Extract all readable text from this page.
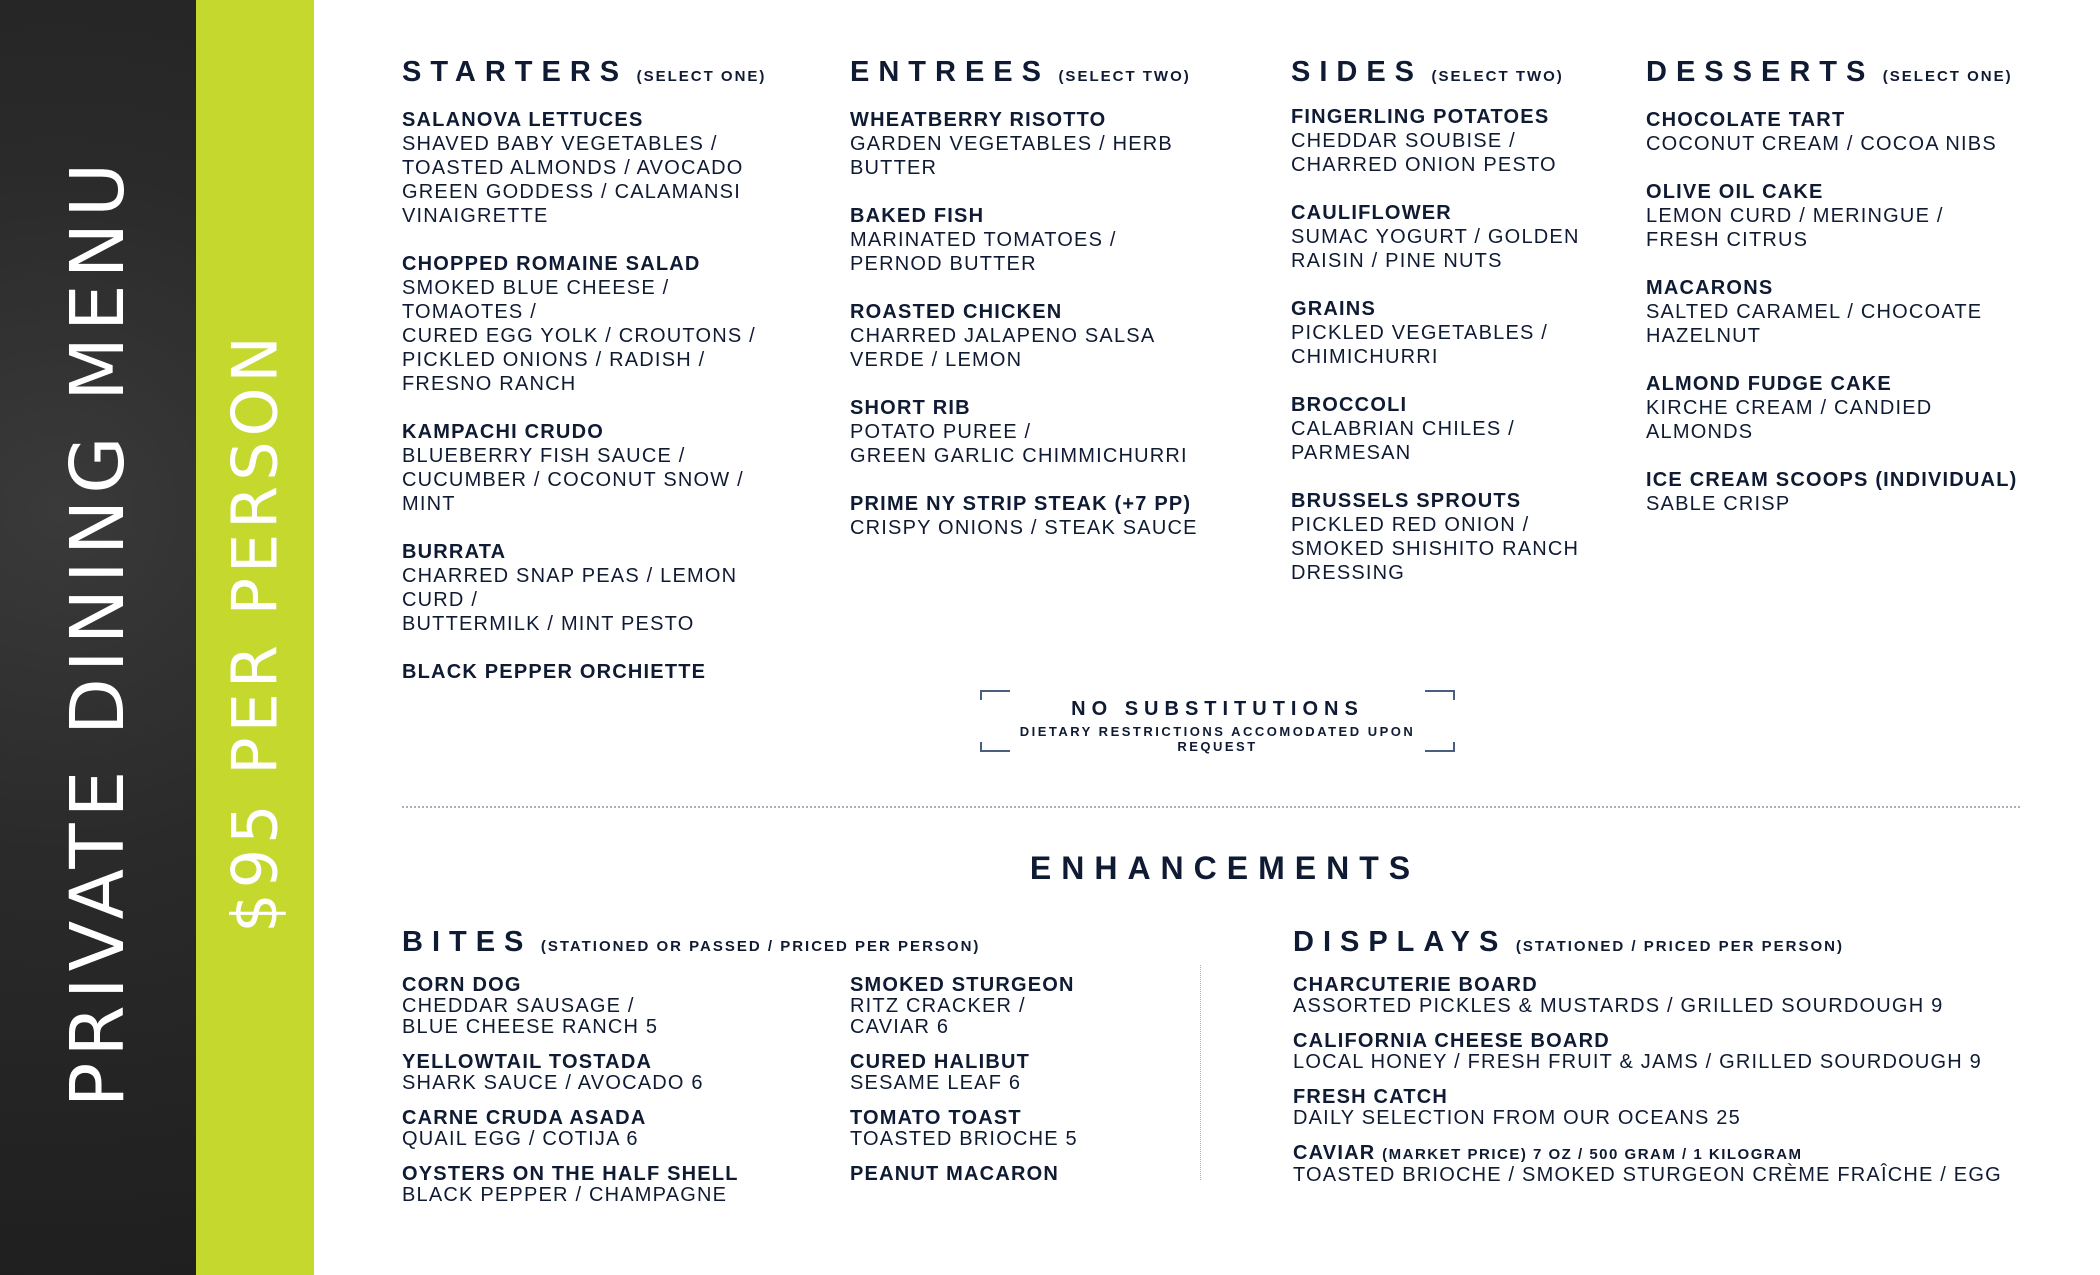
PRIVATE DINING MENU $95 PER PERSON
STARTERS (SELECT ONE)
SALANOVA LETTUCES
SHAVED BABY VEGETABLES /
TOASTED ALMONDS / AVOCADO
GREEN GODDESS / CALAMANSI
VINAIGRETTE
CHOPPED ROMAINE SALAD
SMOKED BLUE CHEESE /
TOMAOTES /
CURED EGG YOLK / CROUTONS /
PICKLED ONIONS / RADISH /
FRESNO RANCH
KAMPACHI CRUDO
BLUEBERRY FISH SAUCE /
CUCUMBER / COCONUT SNOW /
MINT
BURRATA
CHARRED SNAP PEAS / LEMON
CURD /
BUTTERMILK / MINT PESTO
BLACK PEPPER ORCHIETTE
ENTREES (SELECT TWO)
WHEATBERRY RISOTTO
GARDEN VEGETABLES / HERB
BUTTER
BAKED FISH
MARINATED TOMATOES /
PERNOD BUTTER
ROASTED CHICKEN
CHARRED JALAPENO SALSA
VERDE / LEMON
SHORT RIB
POTATO PUREE /
GREEN GARLIC CHIMMICHURRI
PRIME NY STRIP STEAK (+7 PP)
CRISPY ONIONS / STEAK SAUCE
SIDES (SELECT TWO)
FINGERLING POTATOES
CHEDDAR SOUBISE /
CHARRED ONION PESTO
CAULIFLOWER
SUMAC YOGURT / GOLDEN
RAISIN / PINE NUTS
GRAINS
PICKLED VEGETABLES /
CHIMICHURRI
BROCCOLI
CALABRIAN CHILES /
PARMESAN
BRUSSELS SPROUTS
PICKLED RED ONION /
SMOKED SHISHITO RANCH
DRESSING
DESSERTS (SELECT ONE)
CHOCOLATE TART
COCONUT CREAM / COCOA NIBS
OLIVE OIL CAKE
LEMON CURD / MERINGUE /
FRESH CITRUS
MACARONS
SALTED CARAMEL / CHOCOATE
HAZELNUT
ALMOND FUDGE CAKE
KIRCHE CREAM / CANDIED
ALMONDS
ICE CREAM SCOOPS (INDIVIDUAL)
SABLE CRISP
NO SUBSTITUTIONS
DIETARY RESTRICTIONS ACCOMODATED UPON REQUEST
ENHANCEMENTS
BITES (STATIONED OR PASSED / PRICED PER PERSON)
CORN DOG
CHEDDAR SAUSAGE /
BLUE CHEESE RANCH 5
YELLOWTAIL TOSTADA
SHARK SAUCE / AVOCADO 6
CARNE CRUDA ASADA
QUAIL EGG / COTIJA 6
OYSTERS ON THE HALF SHELL
BLACK PEPPER / CHAMPAGNE
SMOKED STURGEON
RITZ CRACKER /
CAVIAR 6
CURED HALIBUT
SESAME LEAF 6
TOMATO TOAST
TOASTED BRIOCHE 5
PEANUT MACARON
DISPLAYS (STATIONED / PRICED PER PERSON)
CHARCUTERIE BOARD
ASSORTED PICKLES & MUSTARDS / GRILLED SOURDOUGH 9
CALIFORNIA CHEESE BOARD
LOCAL HONEY / FRESH FRUIT & JAMS / GRILLED SOURDOUGH 9
FRESH CATCH
DAILY SELECTION FROM OUR OCEANS 25
CAVIAR (MARKET PRICE) 7 OZ / 500 GRAM / 1 KILOGRAM
TOASTED BRIOCHE / SMOKED STURGEON CRÈME FRAÎCHE / EGG
